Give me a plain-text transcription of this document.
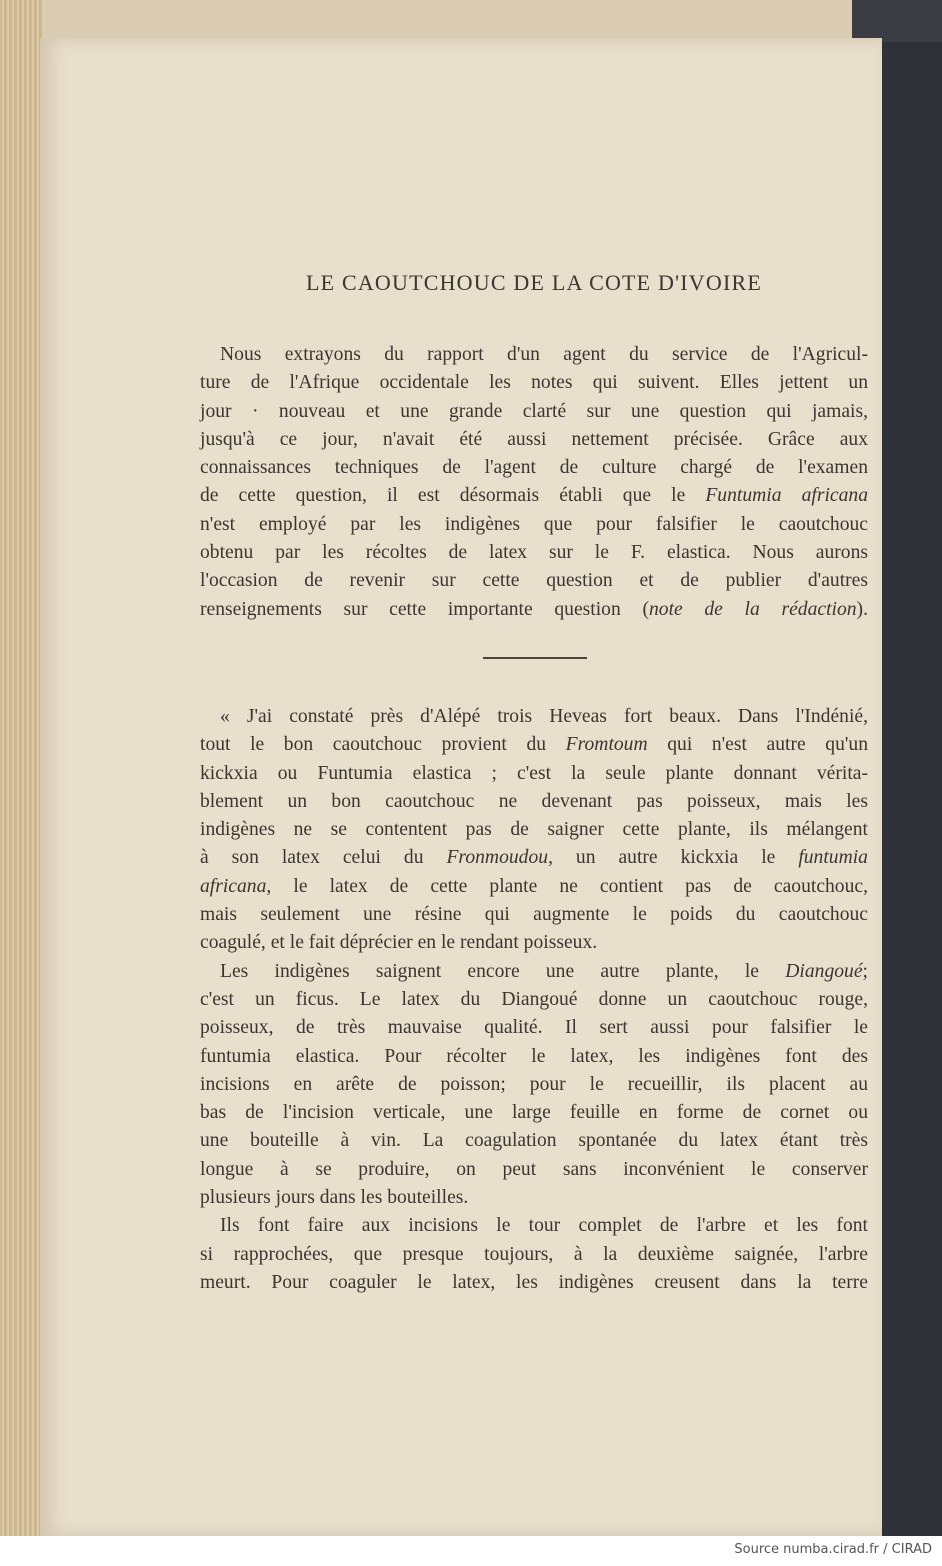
LE CAOUTCHOUC DE LA COTE D'IVOIRE
Nous extrayons du rapport d'un agent du service de l'Agricul-
ture de l'Afrique occidentale les notes qui suivent. Elles jettent un
jour · nouveau et une grande clarté sur une question qui jamais,
jusqu'à ce jour, n'avait été aussi nettement précisée. Grâce aux
connaissances techniques de l'agent de culture chargé de l'examen
de cette question, il est désormais établi que le Funtumia africana
n'est employé par les indigènes que pour falsifier le caoutchouc
obtenu par les récoltes de latex sur le F. elastica. Nous aurons
l'occasion de revenir sur cette question et de publier d'autres
renseignements sur cette importante question (note de la rédaction).
« J'ai constaté près d'Alépé trois Heveas fort beaux. Dans l'Indénié,
tout le bon caoutchouc provient du Fromtoum qui n'est autre qu'un
kickxia ou Funtumia elastica ; c'est la seule plante donnant vérita-
blement un bon caoutchouc ne devenant pas poisseux, mais les
indigènes ne se contentent pas de saigner cette plante, ils mélangent
à son latex celui du Fronmoudou, un autre kickxia le funtumia
africana, le latex de cette plante ne contient pas de caoutchouc,
mais seulement une résine qui augmente le poids du caoutchouc
coagulé, et le fait déprécier en le rendant poisseux.
Les indigènes saignent encore une autre plante, le Diangoué;
c'est un ficus. Le latex du Diangoué donne un caoutchouc rouge,
poisseux, de très mauvaise qualité. Il sert aussi pour falsifier le
funtumia elastica. Pour récolter le latex, les indigènes font des
incisions en arête de poisson; pour le recueillir, ils placent au
bas de l'incision verticale, une large feuille en forme de cornet ou
une bouteille à vin. La coagulation spontanée du latex étant très
longue à se produire, on peut sans inconvénient le conserver
plusieurs jours dans les bouteilles.
Ils font faire aux incisions le tour complet de l'arbre et les font
si rapprochées, que presque toujours, à la deuxième saignée, l'arbre
meurt. Pour coaguler le latex, les indigènes creusent dans la terre
Source numba.cirad.fr / CIRAD
